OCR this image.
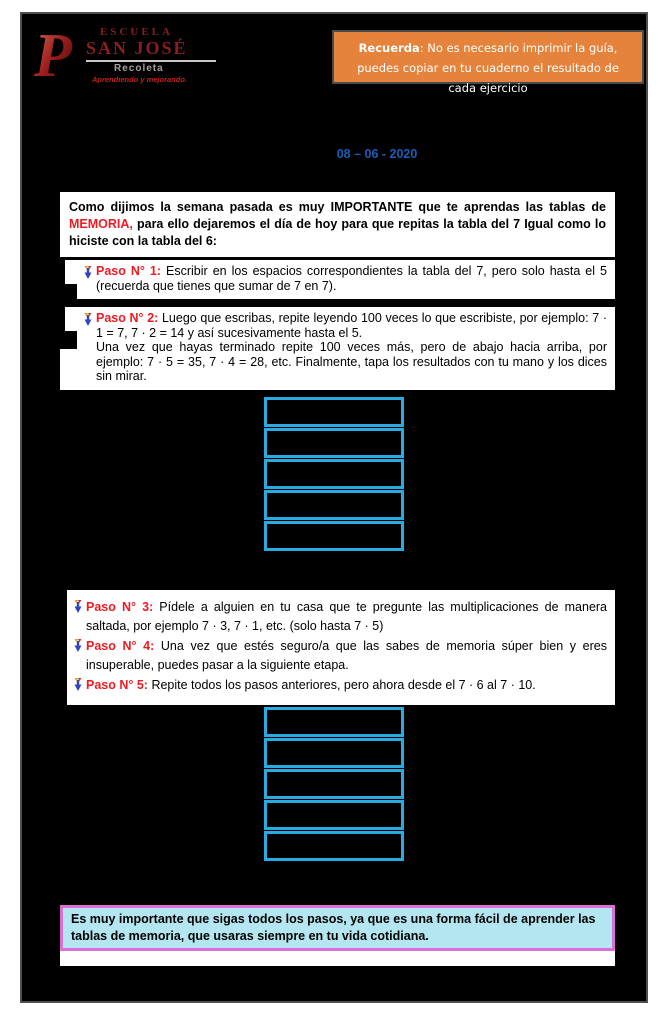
P	ESCUELA
SAN JOSÉ
Recoleta
Aprendiendo y mejorando.
Recuerda: No es necesario imprimir la guía, puedes copiar en tu cuaderno el resultado de cada ejercicio
08 – 06 - 2020
Como dijimos la semana pasada es muy IMPORTANTE que te aprendas las tablas de MEMORIA, para ello dejaremos el día de hoy para que repitas la tabla del 7 Igual como lo hiciste con la tabla del 6:

Paso N° 1: Escribir en los espacios correspondientes la tabla del 7, pero solo hasta el 5 (recuerda que tienes que sumar de 7 en 7).

Paso N° 2: Luego que escribas, repite leyendo 100 veces lo que escribiste, por ejemplo: 7 · 1 = 7, 7 · 2 = 14 y así sucesivamente hasta el 5.

Una vez que hayas terminado repite 100 veces más, pero de abajo hacia arriba, por ejemplo: 7 · 5 = 35, 7 · 4 = 28, etc. Finalmente, tapa los resultados con tu mano y los dices sin mirar.

Paso N° 3: Pídele a alguien en tu casa que te pregunte las multiplicaciones de manera saltada, por ejemplo 7 · 3, 7 · 1, etc. (solo hasta 7 · 5)

Paso N° 4: Una vez que estés seguro/a que las sabes de memoria súper bien y eres insuperable, puedes pasar a la siguiente etapa.

Paso N° 5: Repite todos los pasos anteriores, pero ahora desde el 7 · 6 al 7 · 10.

Es muy importante que sigas todos los pasos, ya que es una forma fácil de aprender las tablas de memoria, que usaras siempre en tu vida cotidiana.
